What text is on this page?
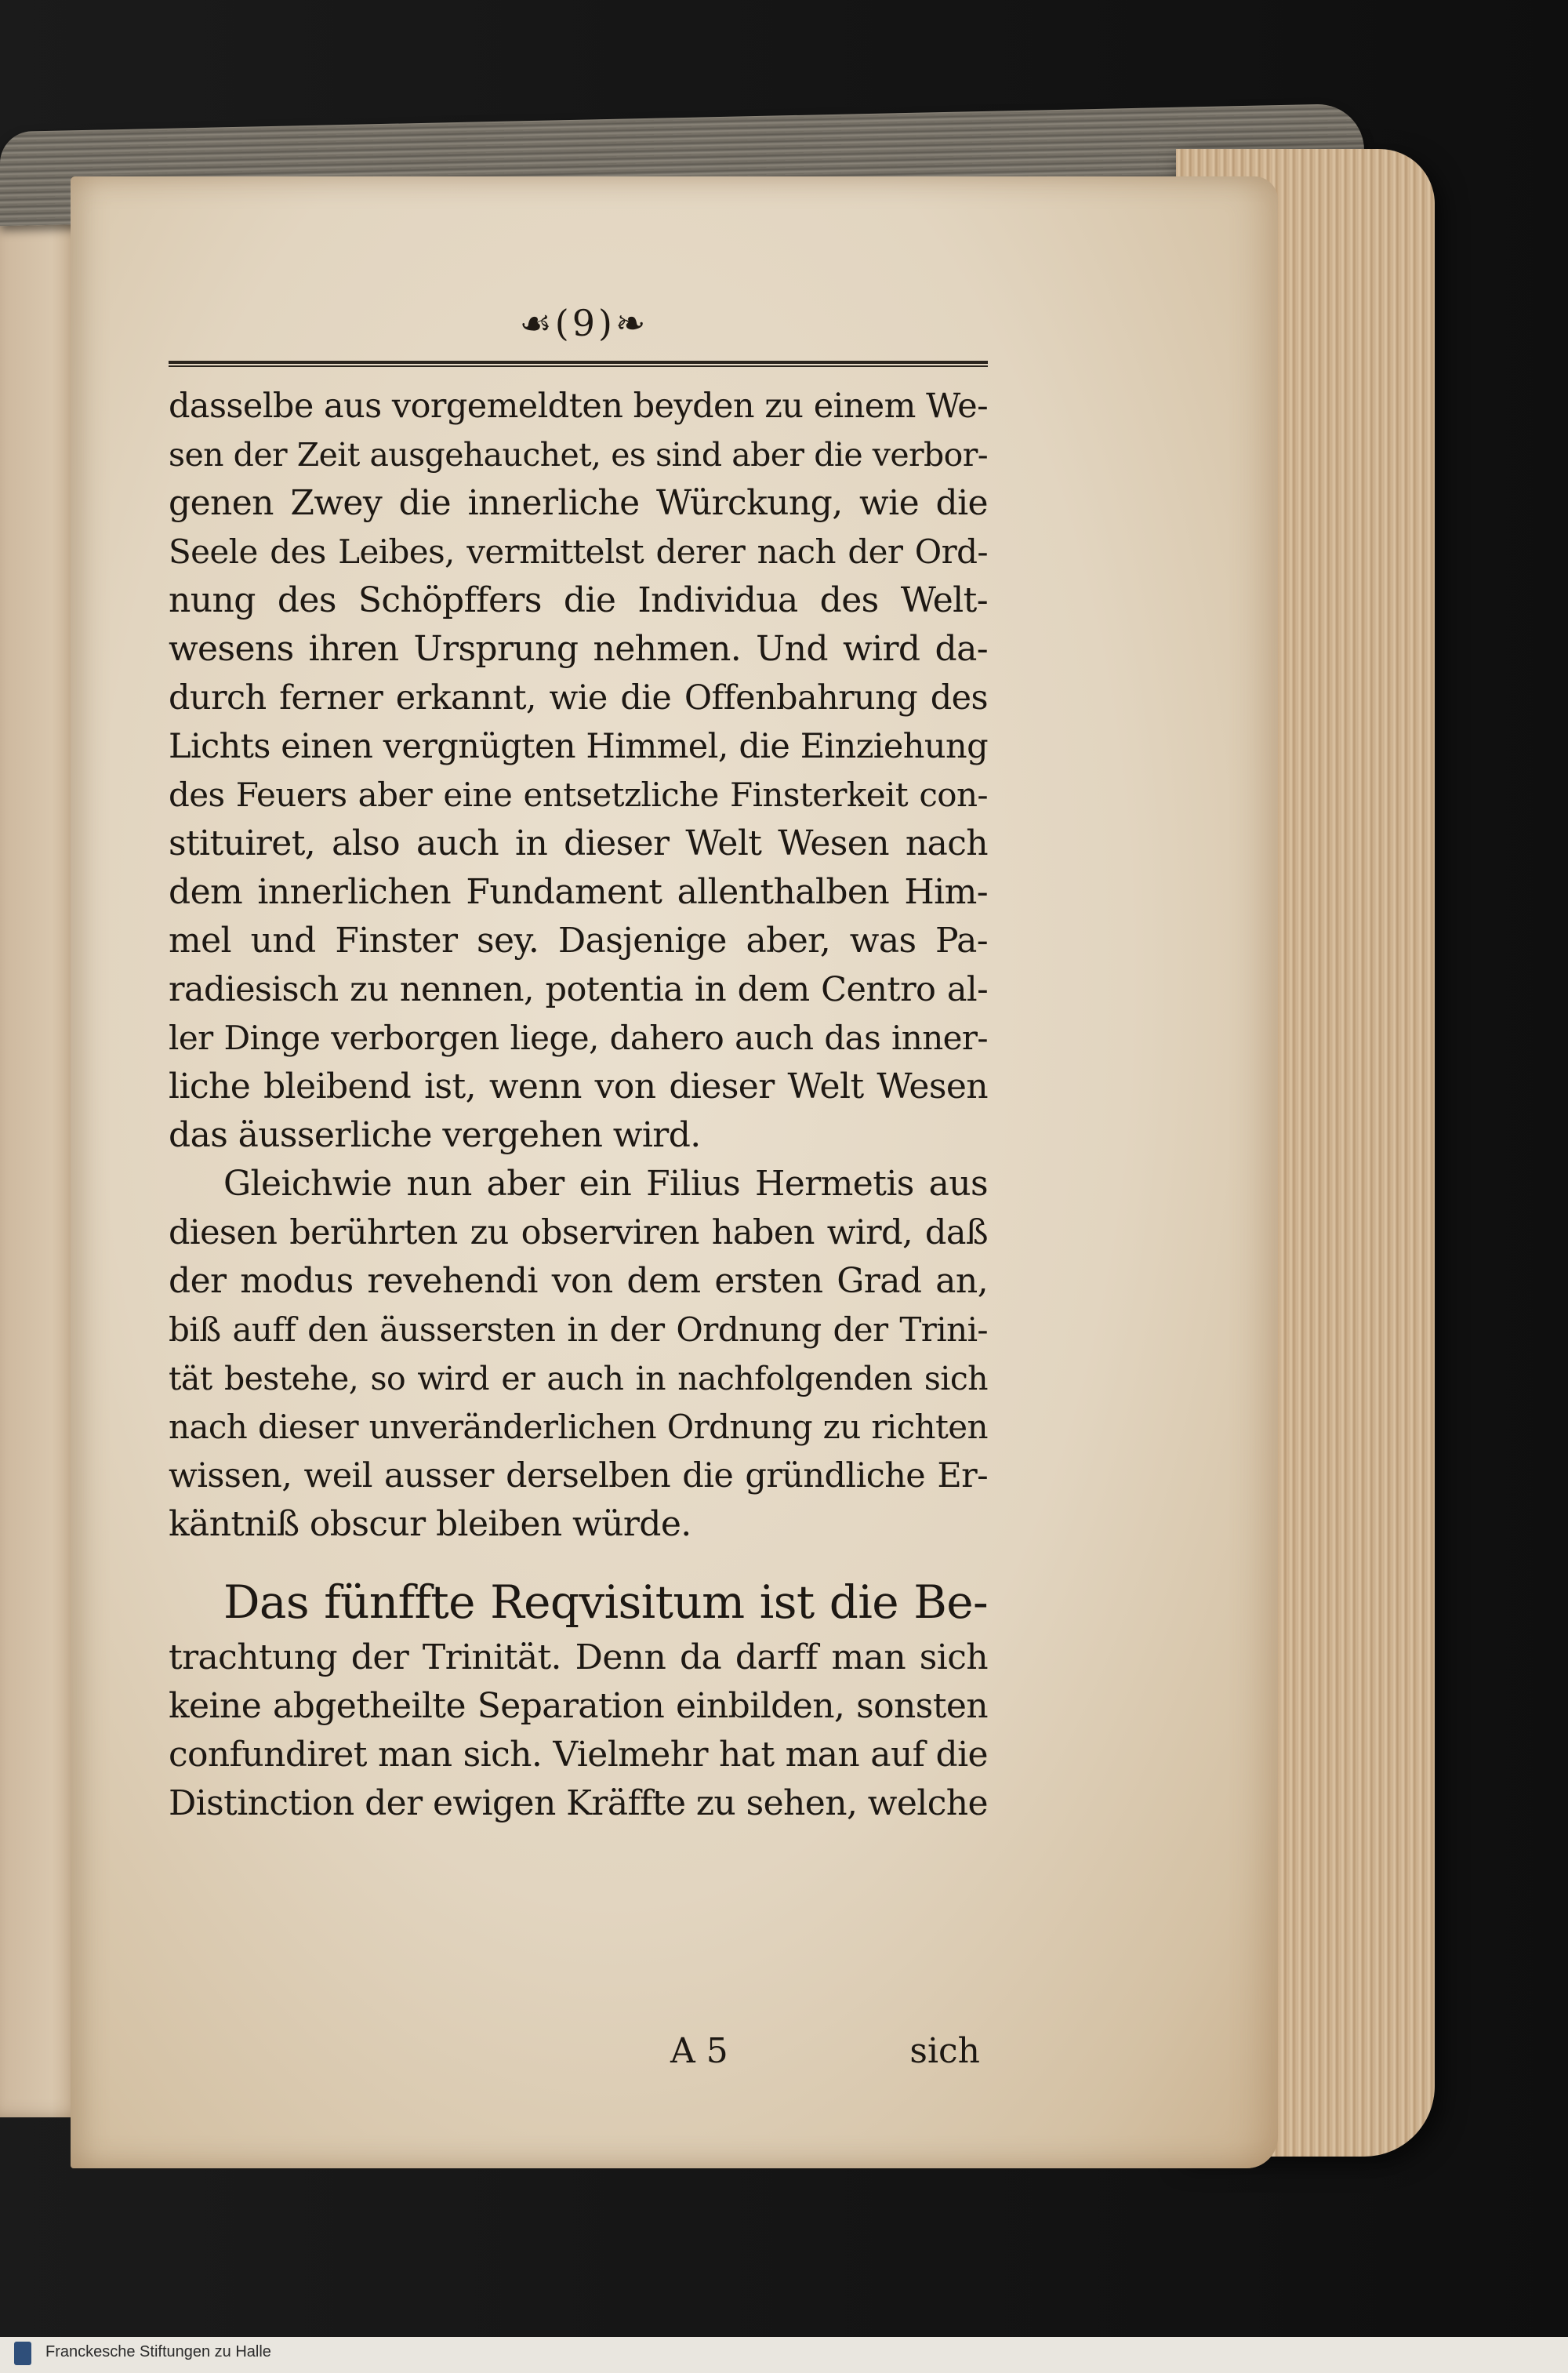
☙(9)❧
dasselbe aus vorgemeldten beyden zu einem We-
sen der Zeit ausgehauchet, es sind aber die verbor-
genen Zwey die innerliche Würckung, wie die
Seele des Leibes, vermittelst derer nach der Ord-
nung des Schöpffers die Individua des Welt-
wesens ihren Ursprung nehmen. Und wird da-
durch ferner erkannt, wie die Offenbahrung des
Lichts einen vergnügten Himmel, die Einziehung
des Feuers aber eine entsetzliche Finsterkeit con-
stituiret, also auch in dieser Welt Wesen nach
dem innerlichen Fundament allenthalben Him-
mel und Finster sey. Dasjenige aber, was Pa-
radiesisch zu nennen, potentia in dem Centro al-
ler Dinge verborgen liege, dahero auch das inner-
liche bleibend ist, wenn von dieser Welt Wesen
das äusserliche vergehen wird.
Gleichwie nun aber ein Filius Hermetis aus
diesen berührten zu observiren haben wird, daß
der modus revehendi von dem ersten Grad an,
biß auff den äussersten in der Ordnung der Trini-
tät bestehe, so wird er auch in nachfolgenden sich
nach dieser unveränderlichen Ordnung zu richten
wissen, weil ausser derselben die gründliche Er-
käntniß obscur bleiben würde.
Das fünffte Reqvisitum ist die Be-
trachtung der Trinität. Denn da darff man sich
keine abgetheilte Separation einbilden, sonsten
confundiret man sich. Vielmehr hat man auf die
Distinction der ewigen Kräffte zu sehen, welche
A 5	sich
Franckesche Stiftungen zu Halle
